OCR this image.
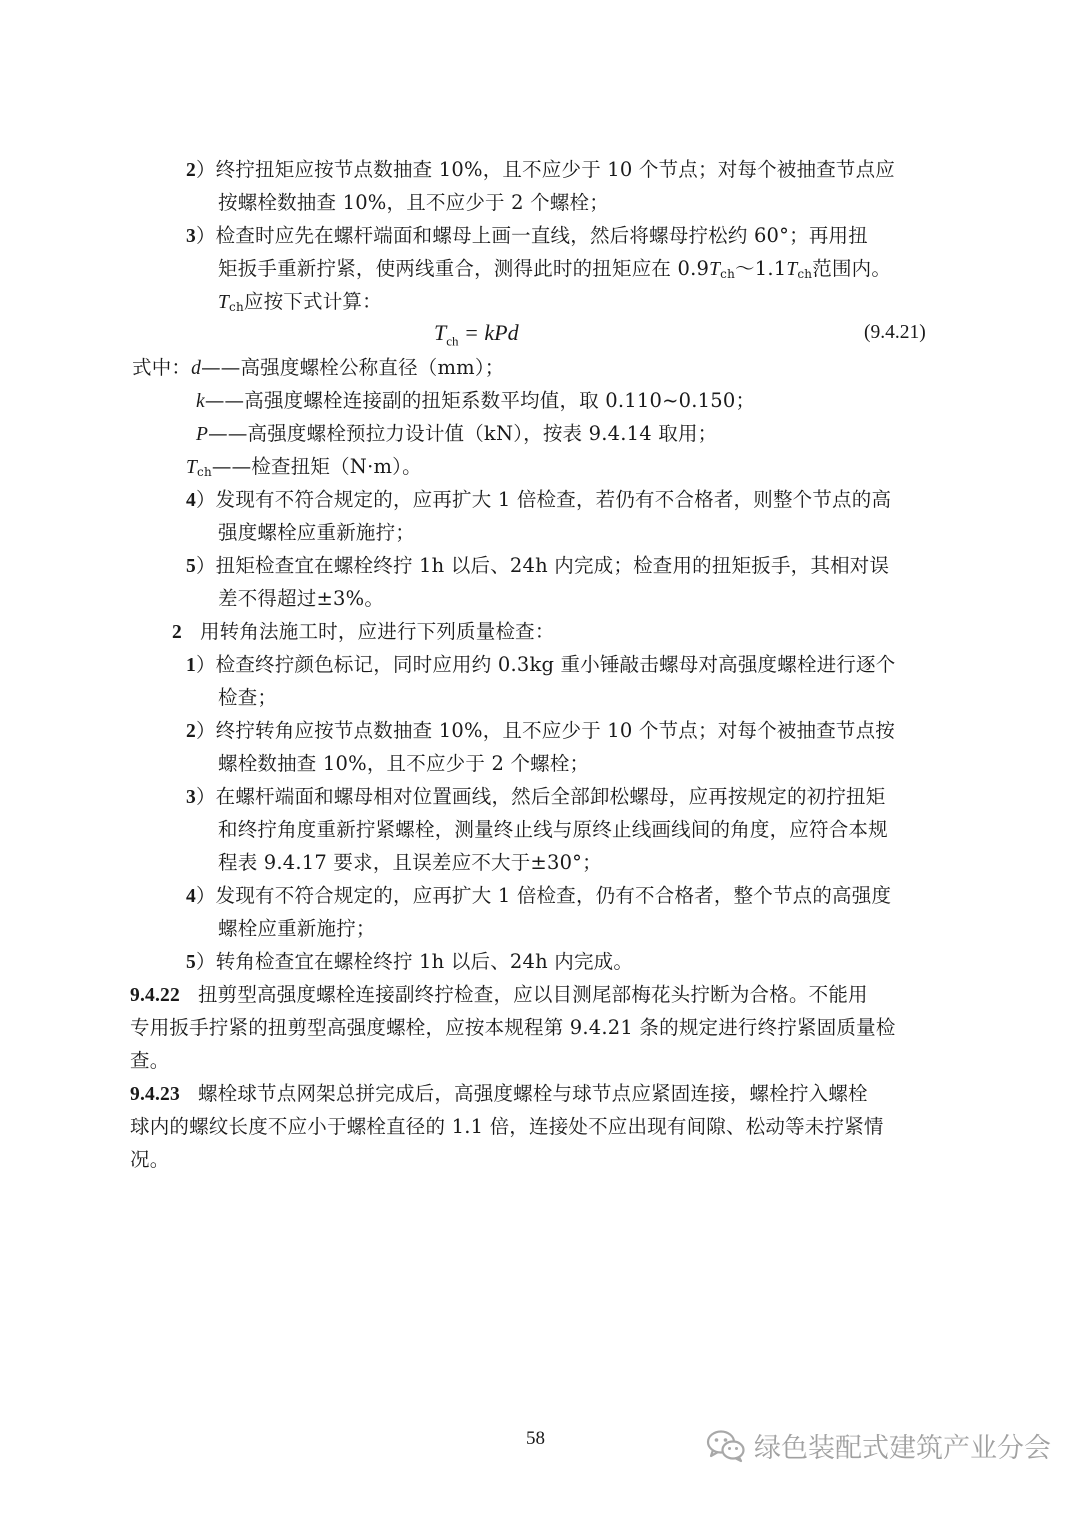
2）终拧扭矩应按节点数抽查 10%，且不应少于 10 个节点；对每个被抽查节点应
按螺栓数抽查 10%，且不应少于 2 个螺栓；
3）检查时应先在螺杆端面和螺母上画一直线，然后将螺母拧松约 60°；再用扭
矩扳手重新拧紧，使两线重合，测得此时的扭矩应在 $0.9T_{ch}\sim 1.1T_{ch}$范围内。
$T_{ch}$应按下式计算：
$T_{ch}$ = kPd	(9.4.21)
式中：d——高强度螺栓公称直径（mm）；
k——高强度螺栓连接副的扭矩系数平均值，取 0.110~0.150；
P——高强度螺栓预拉力设计值（kN），按表 9.4.14 取用；
$T_{ch}——$检查扭矩（N·m）。
4）发现有不符合规定的，应再扩大 1 倍检查，若仍有不合格者，则整个节点的高
强度螺栓应重新施拧；
5）扭矩检查宜在螺栓终拧 1h 以后、24h 内完成；检查用的扭矩扳手，其相对误
差不得超过±3%。
2 用转角法施工时，应进行下列质量检查：
1）检查终拧颜色标记，同时应用约 0.3kg 重小锤敲击螺母对高强度螺栓进行逐个
检查；
2）终拧转角应按节点数抽查 10%，且不应少于 10 个节点；对每个被抽查节点按
螺栓数抽查 10%，且不应少于 2 个螺栓；
3）在螺杆端面和螺母相对位置画线，然后全部卸松螺母，应再按规定的初拧扭矩
和终拧角度重新拧紧螺栓，测量终止线与原终止线画线间的角度，应符合本规
程表 9.4.17 要求，且误差应不大于±30°；
4）发现有不符合规定的，应再扩大 1 倍检查，仍有不合格者，整个节点的高强度
螺栓应重新施拧；
5）转角检查宜在螺栓终拧 1h 以后、24h 内完成。
9.4.22 扭剪型高强度螺栓连接副终拧检查，应以目测尾部梅花头拧断为合格。不能用
专用扳手拧紧的扭剪型高强度螺栓，应按本规程第 9.4.21 条的规定进行终拧紧固质量检
查。
9.4.23 螺栓球节点网架总拼完成后，高强度螺栓与球节点应紧固连接，螺栓拧入螺栓
球内的螺纹长度不应小于螺栓直径的 1.1 倍，连接处不应出现有间隙、松动等未拧紧情
况。
58	绿色装配式建筑产业分会
